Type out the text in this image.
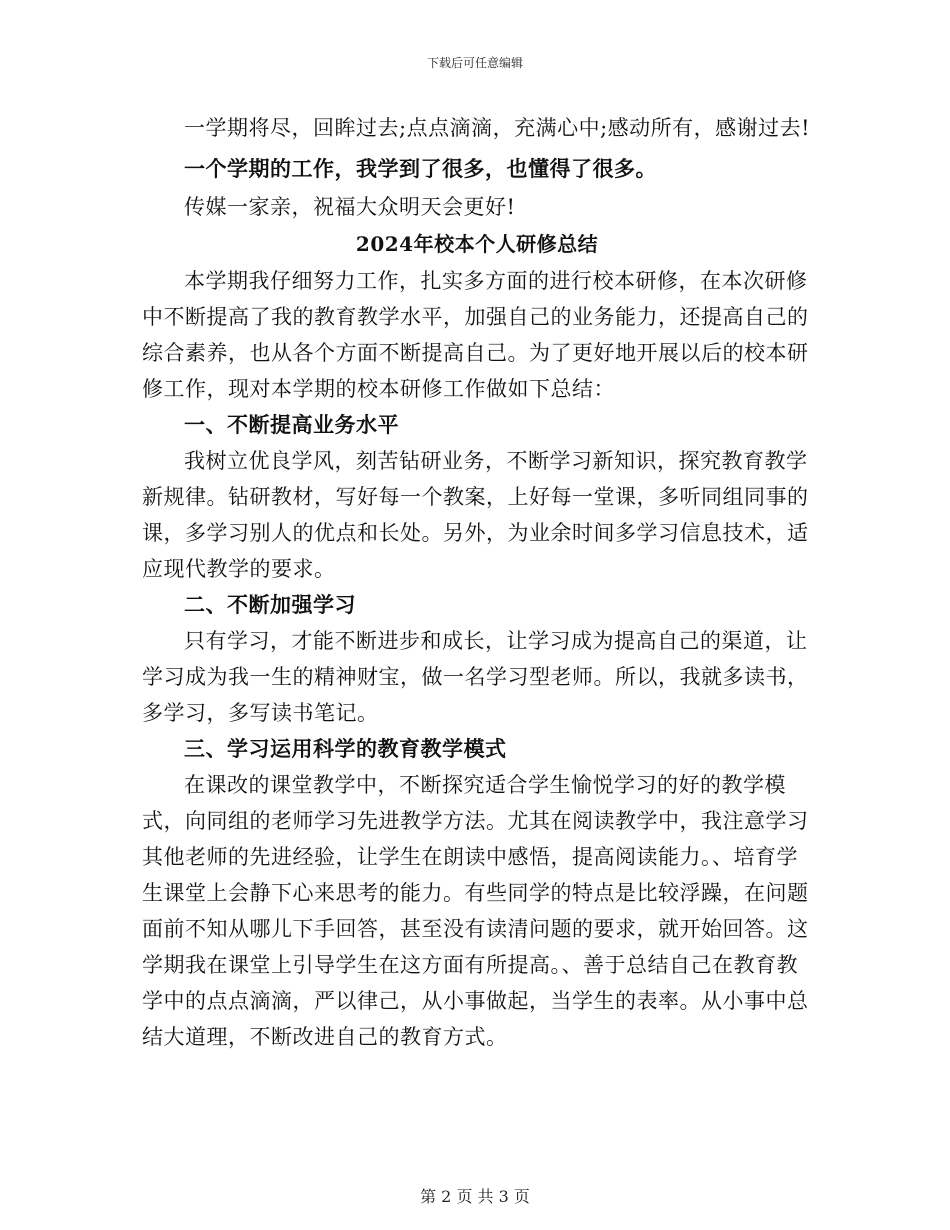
下载后可任意编辑

一学期将尽，回眸过去;点点滴滴，充满心中;感动所有，感谢过去!

一个学期的工作，我学到了很多，也懂得了很多。

传媒一家亲，祝福大众明天会更好!

2024年校本个人研修总结

本学期我仔细努力工作，扎实多方面的进行校本研修，在本次研修中不断提高了我的教育教学水平，加强自己的业务能力，还提高自己的综合素养，也从各个方面不断提高自己。为了更好地开展以后的校本研修工作，现对本学期的校本研修工作做如下总结：

一、不断提高业务水平

我树立优良学风，刻苦钻研业务，不断学习新知识，探究教育教学新规律。钻研教材，写好每一个教案，上好每一堂课，多听同组同事的课，多学习别人的优点和长处。另外，为业余时间多学习信息技术，适应现代教学的要求。

二、不断加强学习

只有学习，才能不断进步和成长，让学习成为提高自己的渠道，让学习成为我一生的精神财宝，做一名学习型老师。所以，我就多读书，多学习，多写读书笔记。

三、学习运用科学的教育教学模式

在课改的课堂教学中，不断探究适合学生愉悦学习的好的教学模式，向同组的老师学习先进教学方法。尤其在阅读教学中，我注意学习其他老师的先进经验，让学生在朗读中感悟，提高阅读能力。、培育学生课堂上会静下心来思考的能力。有些同学的特点是比较浮躁，在问题面前不知从哪儿下手回答，甚至没有读清问题的要求，就开始回答。这学期我在课堂上引导学生在这方面有所提高。、善于总结自己在教育教学中的点点滴滴，严以律己，从小事做起，当学生的表率。从小事中总结大道理，不断改进自己的教育方式。

第 2 页 共 3 页
